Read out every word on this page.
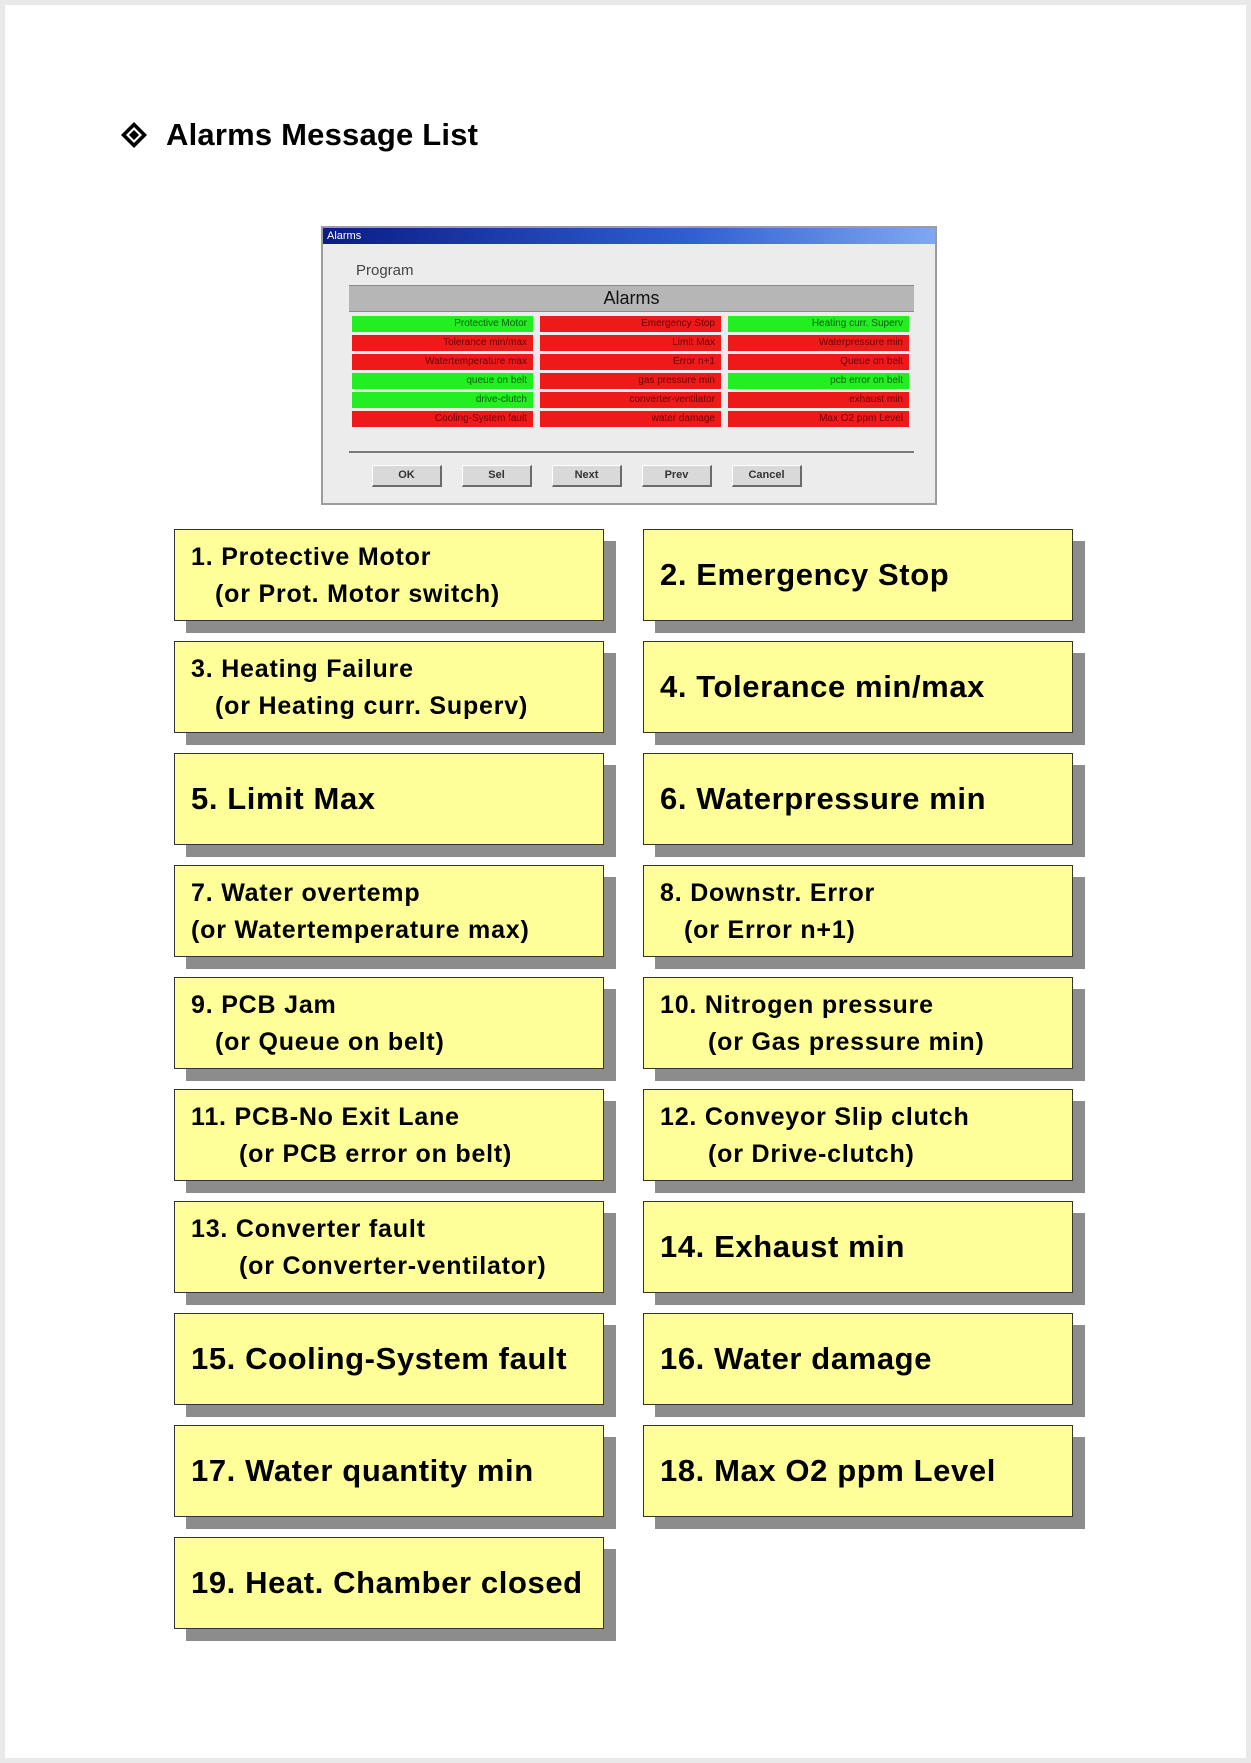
Alarms Message List
Alarms
Program
Alarms
Protective Motor	Emergency Stop	Heating curr. Superv
Tolerance min/max	Limit Max	Waterpressure min
Watertemperature max	Error n+1	Queue on belt
queue on belt	gas pressure min	pcb error on belt
drive-clutch	converter-ventilator	exhaust min
Cooling-System fault	water damage	Max O2 ppm Level
OK	Sel	Next	Prev	Cancel
1. Protective Motor
(or Prot. Motor switch)
2. Emergency Stop
3. Heating Failure
(or Heating curr. Superv)
4. Tolerance min/max
5. Limit Max	6. Waterpressure min
7. Water overtemp
(or Watertemperature max)
8. Downstr. Error
(or Error n+1)
9. PCB Jam
(or Queue on belt)
10. Nitrogen pressure
(or Gas pressure min)
11. PCB-No Exit Lane
(or PCB error on belt)
12. Conveyor Slip clutch
(or Drive-clutch)
13. Converter fault
(or Converter-ventilator)
14. Exhaust min
15. Cooling-System fault	16. Water damage
17. Water quantity min	18. Max O2 ppm Level
19. Heat. Chamber closed
